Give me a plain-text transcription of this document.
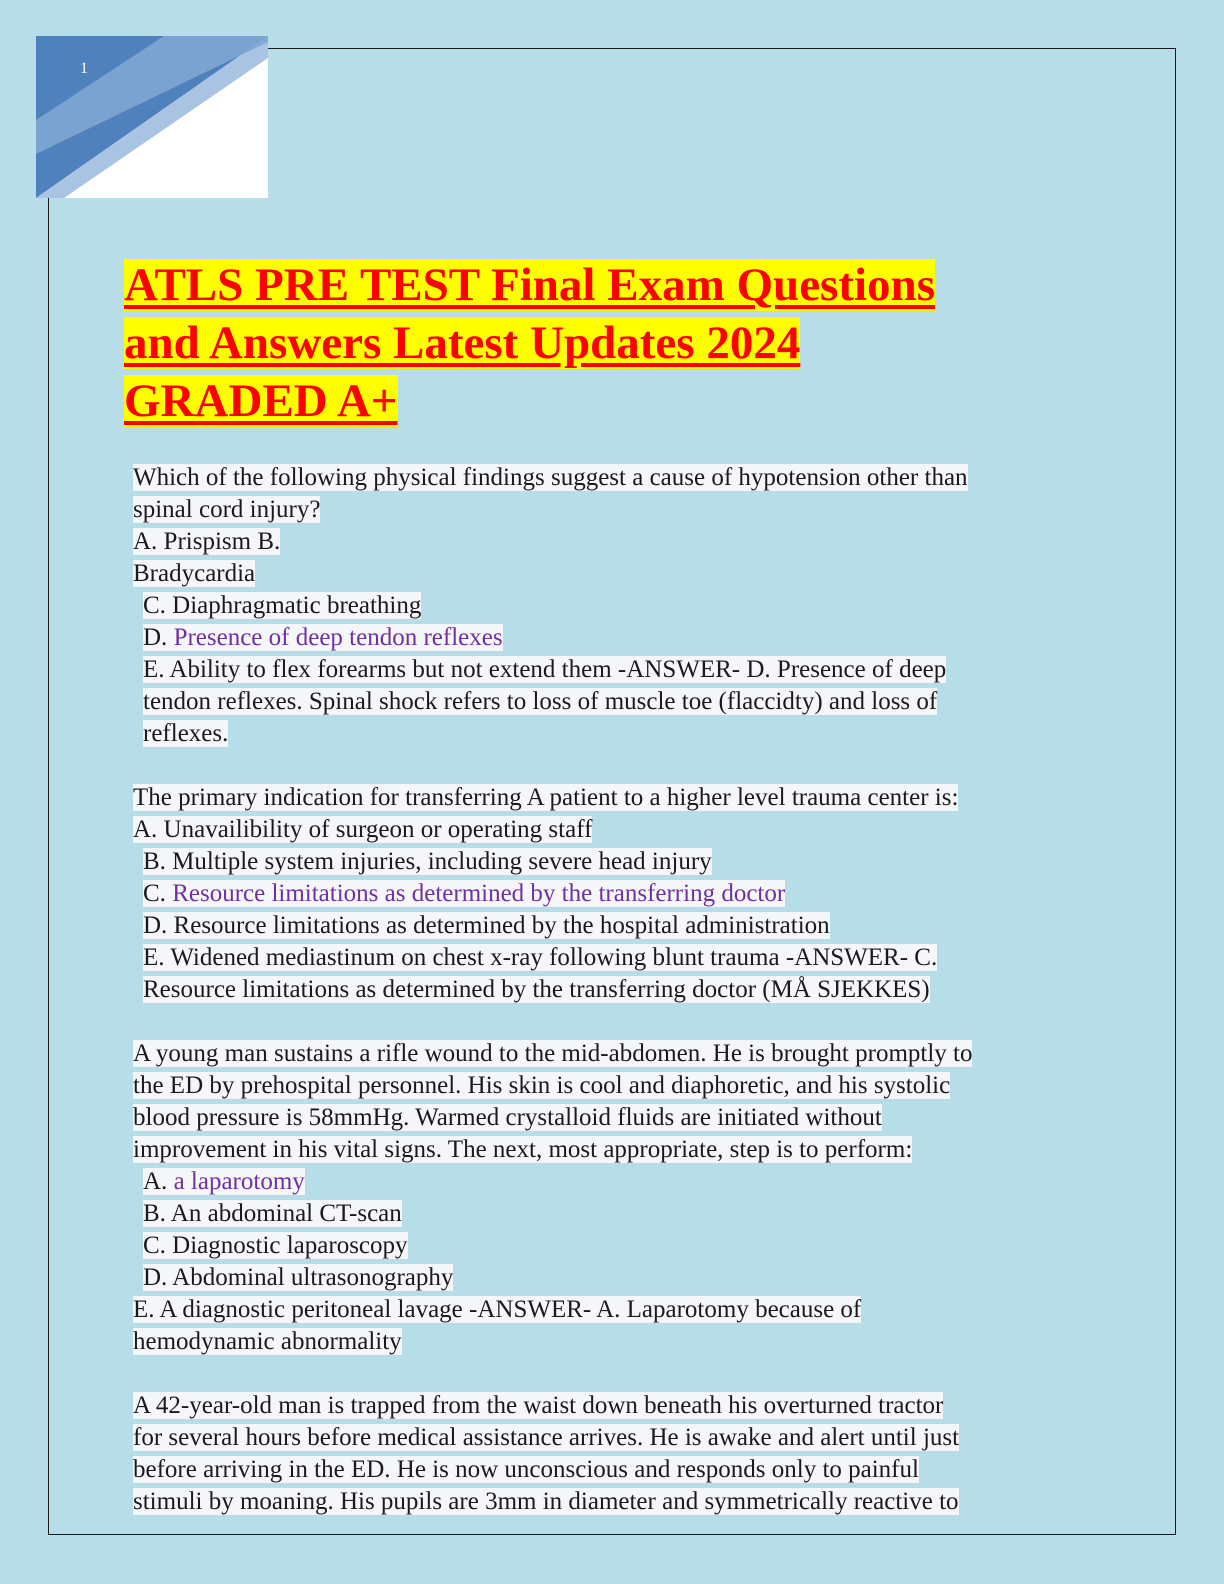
1
ATLS PRE TEST Final Exam Questions
and Answers Latest Updates 2024
GRADED A+

Which of the following physical findings suggest a cause of hypotension other than

spinal cord injury?

A. Prispism B.

Bradycardia

C. Diaphragmatic breathing

D. Presence of deep tendon reflexes

E. Ability to flex forearms but not extend them -ANSWER- D. Presence of deep

tendon reflexes. Spinal shock refers to loss of muscle toe (flaccidty) and loss of

reflexes.

The primary indication for transferring A patient to a higher level trauma center is:

A. Unavailibility of surgeon or operating staff

B. Multiple system injuries, including severe head injury

C. Resource limitations as determined by the transferring doctor

D. Resource limitations as determined by the hospital administration

E. Widened mediastinum on chest x-ray following blunt trauma -ANSWER- C.

Resource limitations as determined by the transferring doctor (MÅ SJEKKES)

A young man sustains a rifle wound to the mid-abdomen. He is brought promptly to

the ED by prehospital personnel. His skin is cool and diaphoretic, and his systolic

blood pressure is 58mmHg. Warmed crystalloid fluids are initiated without

improvement in his vital signs. The next, most appropriate, step is to perform:

A. a laparotomy

B. An abdominal CT-scan

C. Diagnostic laparoscopy

D. Abdominal ultrasonography

E. A diagnostic peritoneal lavage -ANSWER- A. Laparotomy because of

hemodynamic abnormality

A 42-year-old man is trapped from the waist down beneath his overturned tractor

for several hours before medical assistance arrives. He is awake and alert until just

before arriving in the ED. He is now unconscious and responds only to painful

stimuli by moaning. His pupils are 3mm in diameter and symmetrically reactive to
